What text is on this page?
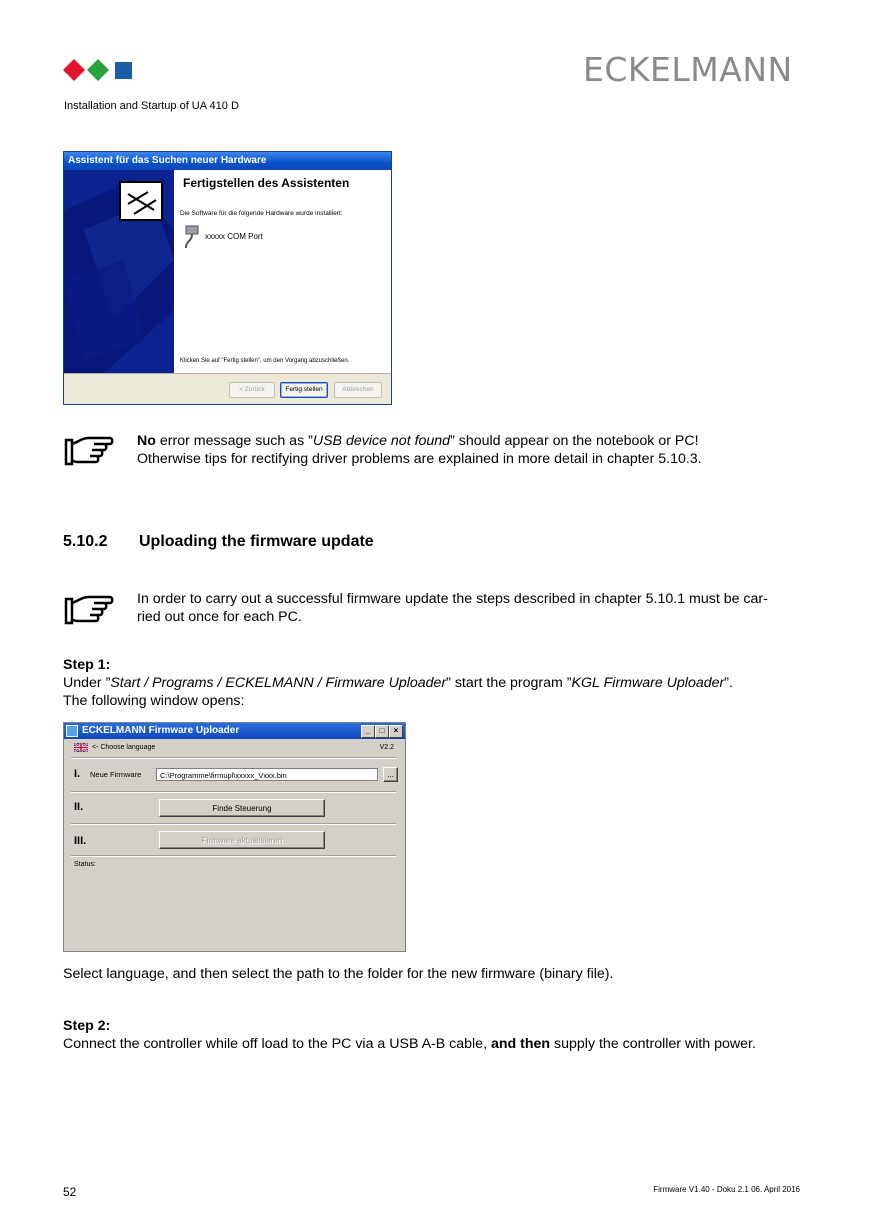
ECKELMANN
Installation and Startup of UA 410 D
Assistent für das Suchen neuer Hardware
Fertigstellen des Assistenten
Die Software für die folgende Hardware wurde installiert:
xxxxx COM Port
Klicken Sie auf "Fertig stellen", um den Vorgang abzuschließen.
< Zurück	Fertig stellen	Abbrechen
No error message such as ”USB device not found” should appear on the notebook or PC!
Otherwise tips for rectifying driver problems are explained in more detail in chapter 5.10.3.
5.10.2 Uploading the firmware update
In order to carry out a successful firmware update the steps described in chapter 5.10.1 must be car-
ried out once for each PC.
Step 1:
Under ”Start / Programs / ECKELMANN / Firmware Uploader” start the program ”KGL Firmware Uploader”.
The following window opens:
ECKELMANN Firmware Uploader	_	□	×
<- Choose language	V2.2
I. Neue Firmware	C:\Programme\firmupl\xxxxx_Vxxx.bin	...
II.	Finde Steuerung
III.	Firmware aktualisieren
Status:
Select language, and then select the path to the folder for the new firmware (binary file).
Step 2:
Connect the controller while off load to the PC via a USB A-B cable, and then supply the controller with power.
52	Firmware V1.40 - Doku 2.1 06. April 2016
